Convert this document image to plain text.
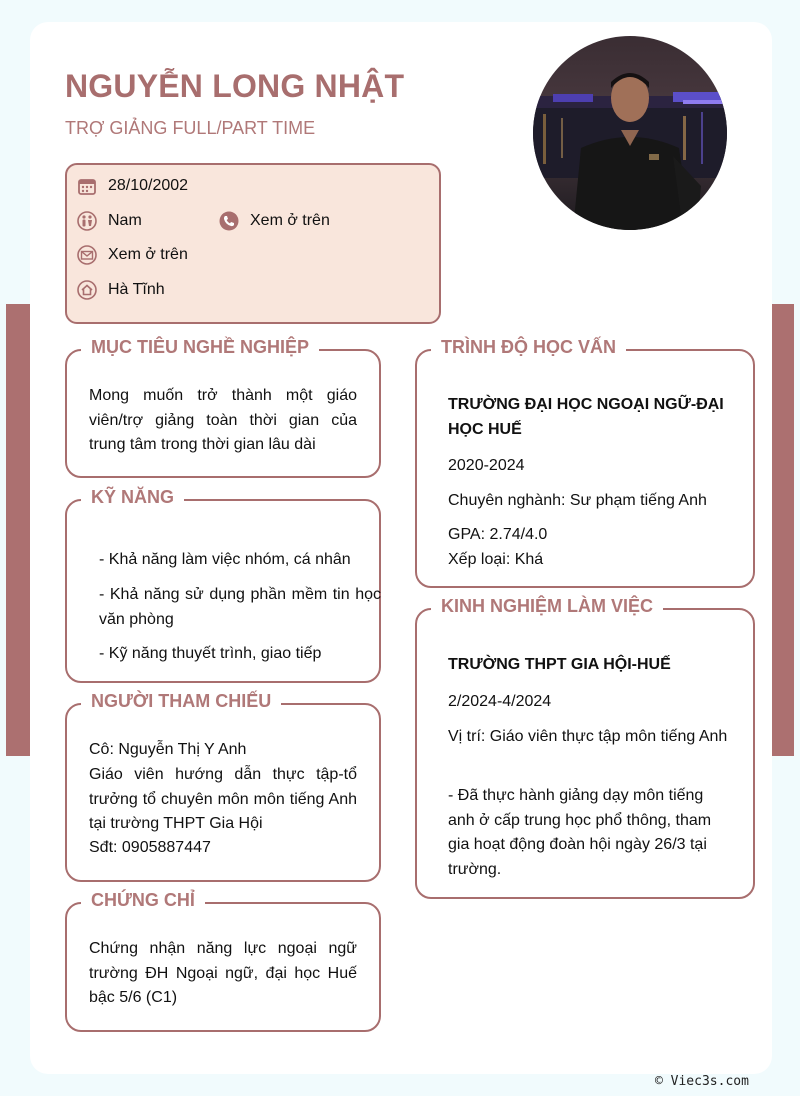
NGUYỄN LONG NHẬT
TRỢ GIẢNG FULL/PART TIME
28/10/2002
Nam	Xem ở trên
Xem ở trên
Hà Tĩnh
MỤC TIÊU NGHỀ NGHIỆP
Mong muốn trở thành một giáo viên/trợ giảng toàn thời gian của trung tâm trong thời gian lâu dài
KỸ NĂNG
- Khả năng làm việc nhóm, cá nhân
- Khả năng sử dụng phần mềm tin học văn phòng
- Kỹ năng thuyết trình, giao tiếp
NGƯỜI THAM CHIẾU
Cô: Nguyễn Thị Y Anh
Giáo viên hướng dẫn thực tập-tổ trưởng tổ chuyên môn môn tiếng Anh tại trường THPT Gia Hội
Sđt: 0905887447
CHỨNG CHỈ
Chứng nhận năng lực ngoại ngữ trường ĐH Ngoại ngữ, đại học Huế bậc 5/6 (C1)
TRÌNH ĐỘ HỌC VẤN
TRƯỜNG ĐẠI HỌC NGOẠI NGỮ-ĐẠI HỌC HUẾ
2020-2024
Chuyên nghành: Sư phạm tiếng Anh
GPA: 2.74/4.0
Xếp loại: Khá
KINH NGHIỆM LÀM VIỆC
TRƯỜNG THPT GIA HỘI-HUẾ
2/2024-4/2024
Vị trí: Giáo viên thực tập môn tiếng Anh
- Đã thực hành giảng dạy môn tiếng anh ở cấp trung học phổ thông, tham gia hoạt động đoàn hội ngày 26/3 tại trường.
© Viec3s.com
